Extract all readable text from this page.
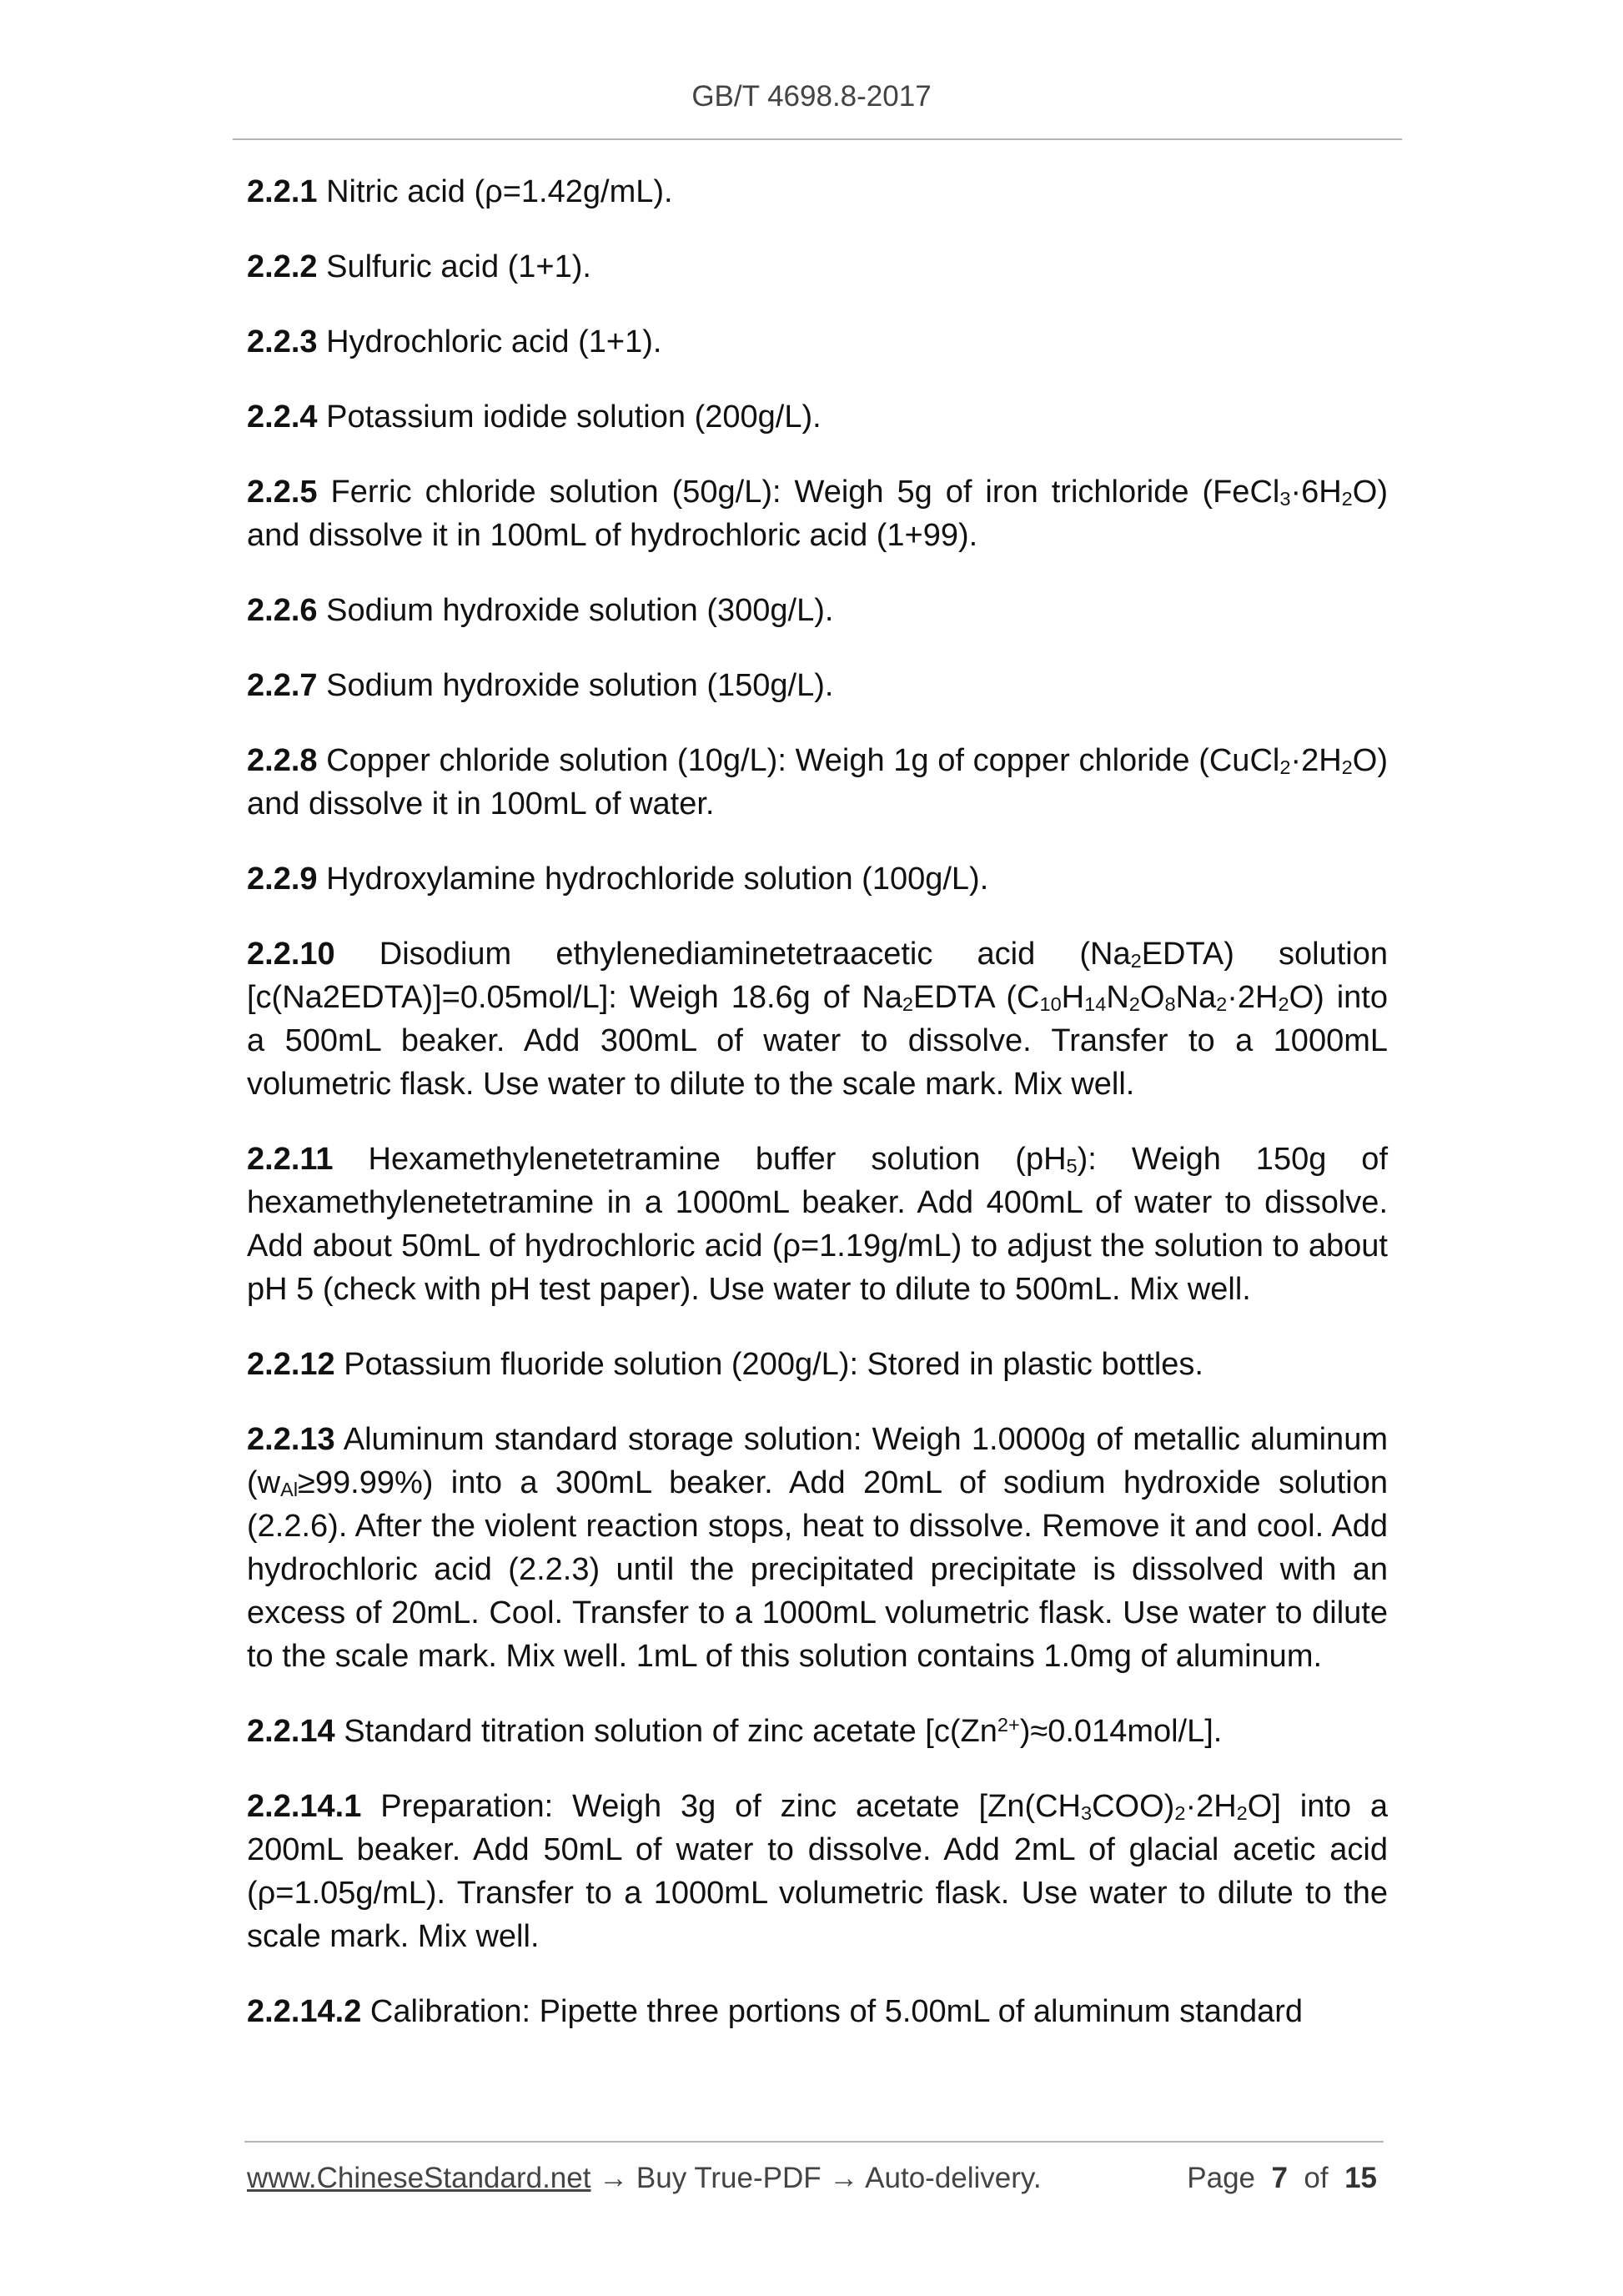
GB/T 4698.8-2017

2.2.1 Nitric acid (ρ=1.42g/mL).

2.2.2 Sulfuric acid (1+1).

2.2.3 Hydrochloric acid (1+1).

2.2.4 Potassium iodide solution (200g/L).

2.2.5 Ferric chloride solution (50g/L): Weigh 5g of iron trichloride $(FeCl_3\cdot 6H_2O)$ and dissolve it in 100mL of hydrochloric acid (1+99).

2.2.6 Sodium hydroxide solution (300g/L).

2.2.7 Sodium hydroxide solution (150g/L).

2.2.8 Copper chloride solution (10g/L): Weigh 1g of copper chloride $(CuCl_2\cdot 2H_2O)$ and dissolve it in 100mL of water.

2.2.9 Hydroxylamine hydrochloride solution (100g/L).

2.2.10 Disodium ethylenediaminetetraacetic acid $(Na_2EDTA)$ solution [c(Na2EDTA)]=0.05mol/L]: Weigh 18.6g of $Na_2EDTA$ $(C_{10}H_{14}N_2O_8Na_2\cdot 2H_2O)$ into a 500mL beaker. Add 300mL of water to dissolve. Transfer to a 1000mL volumetric flask. Use water to dilute to the scale mark. Mix well.

2.2.11 Hexamethylenetetramine buffer solution $(pH_5)$: Weigh 150g of hexamethylenetetramine in a 1000mL beaker. Add 400mL of water to dissolve. Add about 50mL of hydrochloric acid (ρ=1.19g/mL) to adjust the solution to about pH 5 (check with pH test paper). Use water to dilute to 500mL. Mix well.

2.2.12 Potassium fluoride solution (200g/L): Stored in plastic bottles.

2.2.13 Aluminum standard storage solution: Weigh 1.0000g of metallic aluminum $(w_{Al}\ge 99.99\%)$ into a 300mL beaker. Add 20mL of sodium hydroxide solution (2.2.6). After the violent reaction stops, heat to dissolve. Remove it and cool. Add hydrochloric acid (2.2.3) until the precipitated precipitate is dissolved with an excess of 20mL. Cool. Transfer to a 1000mL volumetric flask. Use water to dilute to the scale mark. Mix well. 1mL of this solution contains 1.0mg of aluminum.

2.2.14 Standard titration solution of zinc acetate $[c(Zn^{2+})\approx 0.014mol/L]$.

2.2.14.1 Preparation: Weigh 3g of zinc acetate $[Zn(CH_3COO)_2\cdot 2H_2O]$ into a 200mL beaker. Add 50mL of water to dissolve. Add 2mL of glacial acetic acid (ρ=1.05g/mL). Transfer to a 1000mL volumetric flask. Use water to dilute to the scale mark. Mix well.

2.2.14.2 Calibration: Pipette three portions of 5.00mL of aluminum standard

www.ChineseStandard.net → Buy True-PDF → Auto-delivery.	Page 7 of 15
